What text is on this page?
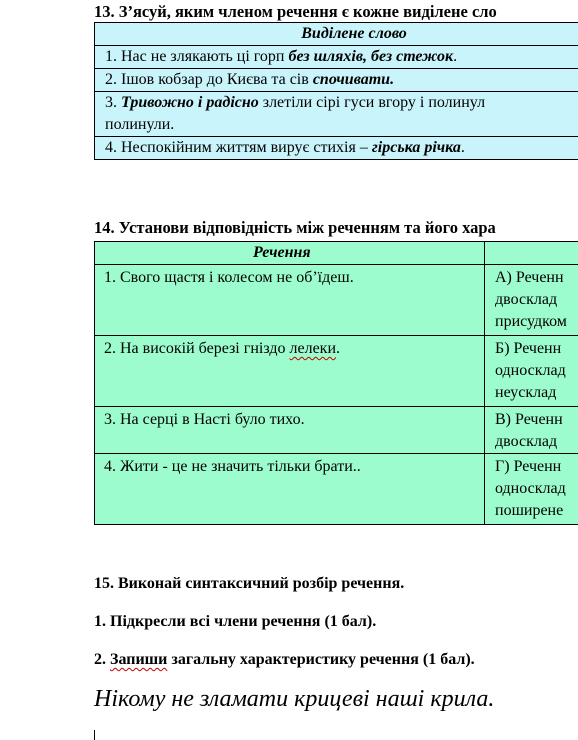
13. З’ясуй, яким членом речення є кожне виділене сло

Виділене слово
1. Нас не злякають ці горп без шляхів, без стежок.
2. Ішов кобзар до Києва та сів спочивати.
3. Тривожно і радісно злетіли сірі гуси вгору і полинул
полинули.
4. Неспокійним життям вирує стихія – гірська річка.

14. Установи відповідність між реченням та його хара

Речення	
1. Свого щастя і колесом не об’їдеш.	А) Реченн
двосклад
присудком
2. На високій березі гніздо лелеки.	Б) Реченн
односклад
неусклад
3. На серці в Насті було тихо.	В) Реченн
двосклад
4. Жити - це не значить тільки брати..	Г) Реченн
односклад
поширене

15. Виконай синтаксичний розбір речення.

1. Підкресли всі члени речення (1 бал).

2. Запиши загальну характеристику речення (1 бал).

Нікому не зламати крицеві наші крила.
